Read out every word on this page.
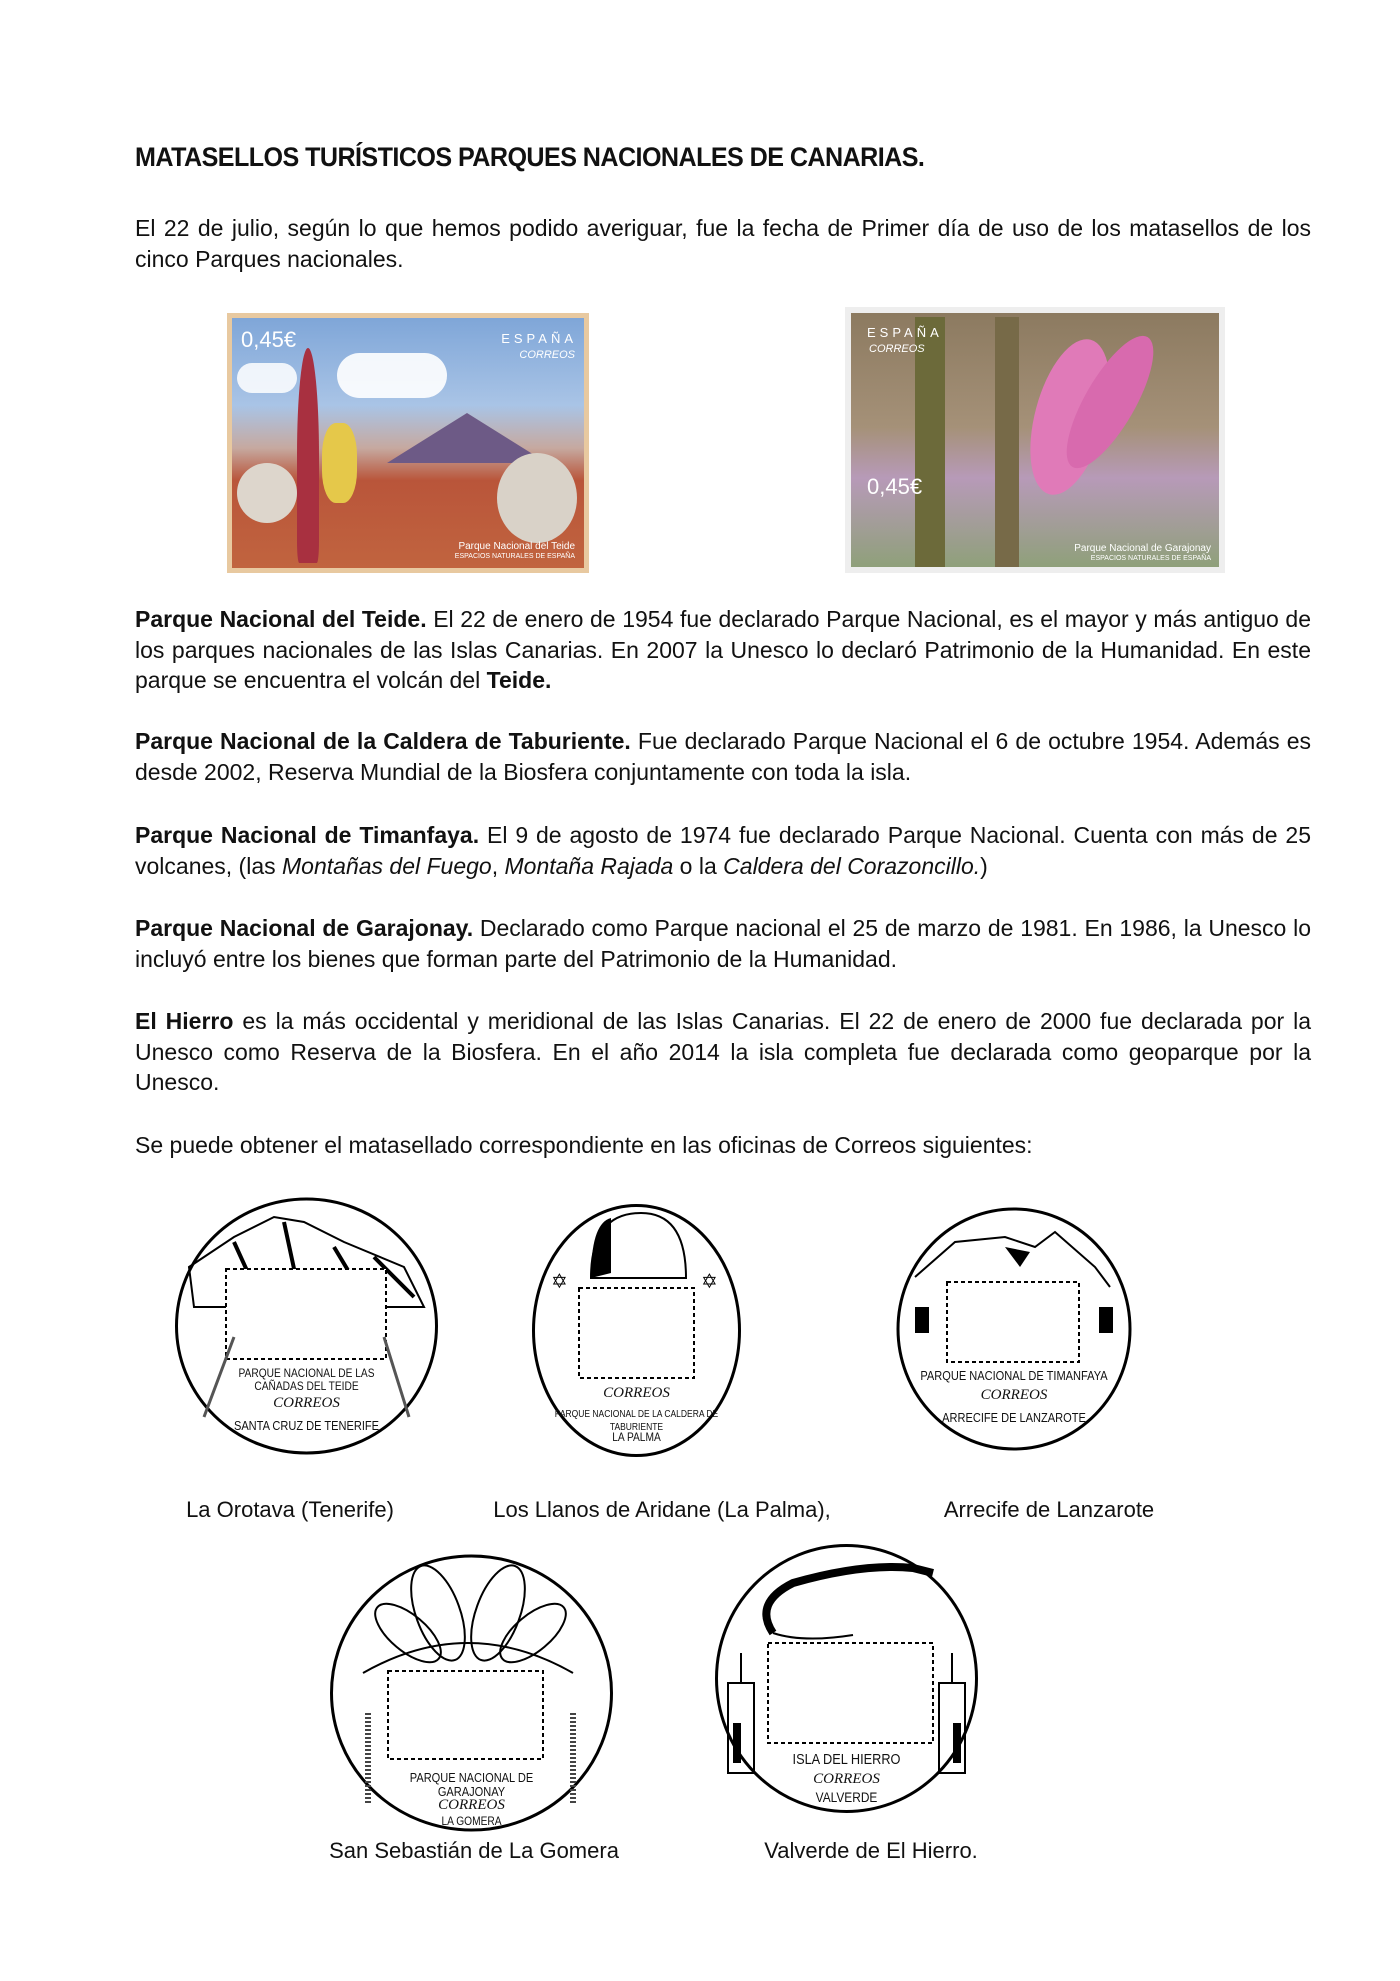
MATASELLOS TURÍSTICOS PARQUES NACIONALES DE CANARIAS.
El 22 de julio, según lo que hemos podido averiguar, fue la fecha de Primer día de uso de los matasellos de los cinco Parques nacionales.
0,45€	ESPAÑA
CORREOS
Parque Nacional del Teide
ESPACIOS NATURALES DE ESPAÑA
0,45€
ESPAÑA
CORREOS
Parque Nacional de Garajonay
ESPACIOS NATURALES DE ESPAÑA
Parque Nacional del Teide. El 22 de enero de 1954 fue declarado Parque Nacional, es el mayor y más antiguo de los parques nacionales de las Islas Canarias. En 2007 la Unesco lo declaró Patrimonio de la Humanidad. En este parque se encuentra el volcán del Teide.
Parque Nacional de la Caldera de Taburiente. Fue declarado Parque Nacional el 6 de octubre 1954. Además es desde 2002, Reserva Mundial de la Biosfera conjuntamente con toda la isla.
Parque Nacional de Timanfaya. El 9 de agosto de 1974 fue declarado Parque Nacional. Cuenta con más de 25 volcanes, (las Montañas del Fuego, Montaña Rajada o la Caldera del Corazoncillo.)
Parque Nacional de Garajonay. Declarado como Parque nacional el 25 de marzo de 1981. En 1986, la Unesco lo incluyó entre los bienes que forman parte del Patrimonio de la Humanidad.
El Hierro es la más occidental y meridional de las Islas Canarias. El 22 de enero de 2000 fue declarada por la Unesco como Reserva de la Biosfera. En el año 2014 la isla completa fue declarada como geoparque por la Unesco.
Se puede obtener el matasellado correspondiente en las oficinas de Correos siguientes:
PARQUE NACIONAL DE LAS
CAÑADAS DEL TEIDE
CORREOS
SANTA CRUZ DE TENERIFE
✡	✡
CORREOS
PARQUE NACIONAL DE LA CALDERA DE TABURIENTE
LA PALMA
PARQUE NACIONAL DE TIMANFAYA
CORREOS
ARRECIFE DE LANZAROTE
La Orotava (Tenerife)	Los Llanos de Aridane (La Palma),	Arrecife de Lanzarote
PARQUE NACIONAL DE
GARAJONAY
CORREOS
LA GOMERA
ISLA DEL HIERRO
CORREOS
VALVERDE
San Sebastián de La Gomera	Valverde de El Hierro.
